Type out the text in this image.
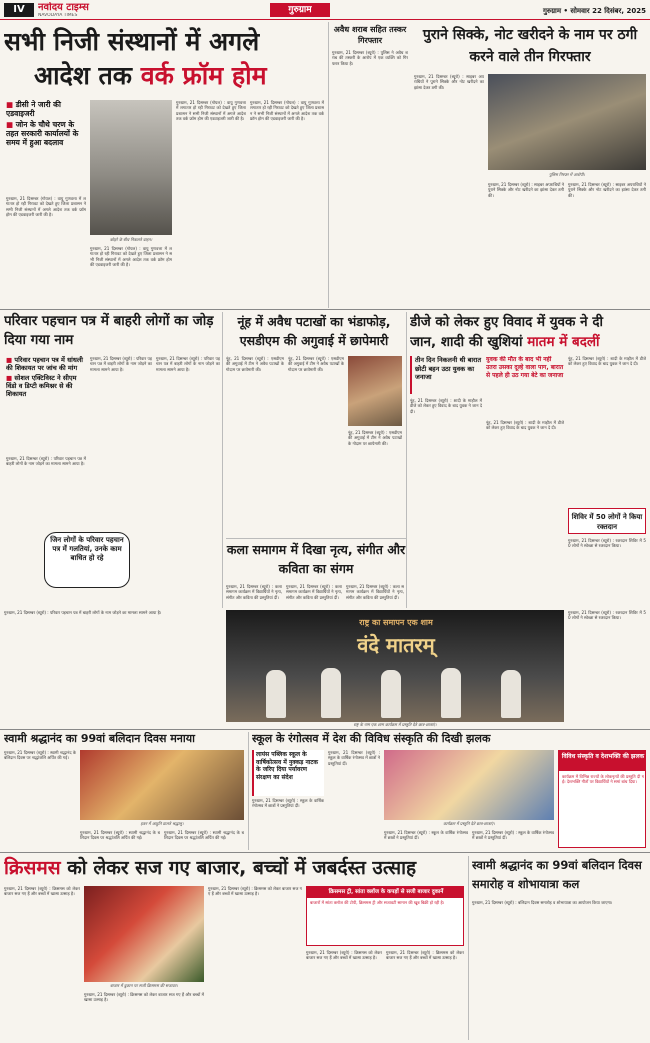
IV	नवोदय टाइम्स
NAVODAYA TIMES
गुरुग्राम	गुरुग्राम • सोमवार 22 दिसंबर, 2025
सभी निजी संस्थानों में अगले
आदेश तक वर्क फ्रॉम होम
■ डीसी ने जारी की एडवाइजरी
■ जोन के चौथे चरण के तहत सरकारी कार्यालयों के समय में हुआ बदलाव
गुरुग्राम, 21 दिसम्बर (गोयल) : वायु गुणवत्ता में लगातार हो रही गिरावट को देखते हुए जिला प्रशासन ने सभी निजी संस्थानों में अगले आदेश तक वर्क फ्रॉम होम की एडवाइजरी जारी की है।
कोहरे के बीच निकलते वाहन।
गुरुग्राम, 21 दिसम्बर (गोयल) : वायु गुणवत्ता में लगातार हो रही गिरावट को देखते हुए जिला प्रशासन ने सभी निजी संस्थानों में अगले आदेश तक वर्क फ्रॉम होम की एडवाइजरी जारी की है।
गुरुग्राम, 21 दिसम्बर (गोयल) : वायु गुणवत्ता में लगातार हो रही गिरावट को देखते हुए जिला प्रशासन ने सभी निजी संस्थानों में अगले आदेश तक वर्क फ्रॉम होम की एडवाइजरी जारी की है।
गुरुग्राम, 21 दिसम्बर (गोयल) : वायु गुणवत्ता में लगातार हो रही गिरावट को देखते हुए जिला प्रशासन ने सभी निजी संस्थानों में अगले आदेश तक वर्क फ्रॉम होम की एडवाइजरी जारी की है।
अवैध शराब सहित तस्कर गिरफ्तार
गुरुग्राम, 21 दिसम्बर (ब्यूरो) : पुलिस ने अवैध शराब की तस्करी के आरोप में एक व्यक्ति को गिरफ्तार किया है।
पुराने सिक्के, नोट खरीदने के नाम पर ठगी करने वाले तीन गिरफ्तार
गुरुग्राम, 21 दिसम्बर (ब्यूरो) : साइबर अपराधियों ने पुराने सिक्के और नोट खरीदने का झांसा देकर ठगी की।
पुलिस गिरफ्त में आरोपी।
गुरुग्राम, 21 दिसम्बर (ब्यूरो) : साइबर अपराधियों ने पुराने सिक्के और नोट खरीदने का झांसा देकर ठगी की।
गुरुग्राम, 21 दिसम्बर (ब्यूरो) : साइबर अपराधियों ने पुराने सिक्के और नोट खरीदने का झांसा देकर ठगी की।
परिवार पहचान पत्र में बाहरी लोगों का जोड़ दिया गया नाम
■ परिवार पहचान पत्र में धांधली की शिकायत पर जांच की मांग
■ सोशल एक्टिविस्ट ने सीएम विंडो व डिप्टी कमिश्नर से की शिकायत
गुरुग्राम, 21 दिसम्बर (ब्यूरो) : परिवार पहचान पत्र में बाहरी लोगों के नाम जोड़ने का मामला सामने आया है।
गुरुग्राम, 21 दिसम्बर (ब्यूरो) : परिवार पहचान पत्र में बाहरी लोगों के नाम जोड़ने का मामला सामने आया है।
गुरुग्राम, 21 दिसम्बर (ब्यूरो) : परिवार पहचान पत्र में बाहरी लोगों के नाम जोड़ने का मामला सामने आया है।
जिन लोगों के परिवार पहचान पत्र में गलतियां, उनके काम बाधित हो रहे
नूंह में अवैध पटाखों का भंडाफोड़, एसडीएम की अगुवाई में छापेमारी
नूंह, 21 दिसम्बर (ब्यूरो) : एसडीएम की अगुवाई में टीम ने अवैध पटाखों के गोदाम पर छापेमारी की।
नूंह, 21 दिसम्बर (ब्यूरो) : एसडीएम की अगुवाई में टीम ने अवैध पटाखों के गोदाम पर छापेमारी की।
नूंह, 21 दिसम्बर (ब्यूरो) : एसडीएम की अगुवाई में टीम ने अवैध पटाखों के गोदाम पर छापेमारी की।
डीजे को लेकर हुए विवाद में युवक ने दी
जान, शादी की खुशियां मातम में बदलीं
तीन दिन निकलनी थी बारात छोटी बहन उठा युवक का जनाजा
नूंह, 21 दिसम्बर (ब्यूरो) : शादी के माहौल में डीजे को लेकर हुए विवाद के बाद युवक ने जान दे दी।
युवक की मौत के बाद भी नहीं उतरा उसका दूल्हे वाला पाग, बारात से पहले ही उठ गया बेटे का जनाजा
नूंह, 21 दिसम्बर (ब्यूरो) : शादी के माहौल में डीजे को लेकर हुए विवाद के बाद युवक ने जान दे दी।
नूंह, 21 दिसम्बर (ब्यूरो) : शादी के माहौल में डीजे को लेकर हुए विवाद के बाद युवक ने जान दे दी।
कला समागम में दिखा नृत्य, संगीत और कविता का संगम
गुरुग्राम, 21 दिसम्बर (ब्यूरो) : कला समागम कार्यक्रम में विद्यार्थियों ने नृत्य, संगीत और कविता की प्रस्तुतियां दीं।
गुरुग्राम, 21 दिसम्बर (ब्यूरो) : कला समागम कार्यक्रम में विद्यार्थियों ने नृत्य, संगीत और कविता की प्रस्तुतियां दीं।
गुरुग्राम, 21 दिसम्बर (ब्यूरो) : कला समागम कार्यक्रम में विद्यार्थियों ने नृत्य, संगीत और कविता की प्रस्तुतियां दीं।
शिविर में 50 लोगों ने किया रक्तदान
गुरुग्राम, 21 दिसम्बर (ब्यूरो) : रक्तदान शिविर में 50 लोगों ने स्वेच्छा से रक्तदान किया।
राष्ट्र का समापन एक शाम
वंदे मातरम्
राष्ट्र के नाम एक शाम कार्यक्रम में प्रस्तुति देते छात्र-छात्राएं।
गुरुग्राम, 21 दिसम्बर (ब्यूरो) : परिवार पहचान पत्र में बाहरी लोगों के नाम जोड़ने का मामला सामने आया है।	गुरुग्राम, 21 दिसम्बर (ब्यूरो) : रक्तदान शिविर में 50 लोगों ने स्वेच्छा से रक्तदान किया।
स्वामी श्रद्धानंद का 99वां बलिदान दिवस मनाया
गुरुग्राम, 21 दिसम्बर (ब्यूरो) : स्वामी श्रद्धानंद के बलिदान दिवस पर श्रद्धांजलि अर्पित की गई।
हवन में आहुति डालते श्रद्धालु।
गुरुग्राम, 21 दिसम्बर (ब्यूरो) : स्वामी श्रद्धानंद के बलिदान दिवस पर श्रद्धांजलि अर्पित की गई।
गुरुग्राम, 21 दिसम्बर (ब्यूरो) : स्वामी श्रद्धानंद के बलिदान दिवस पर श्रद्धांजलि अर्पित की गई।
स्कूल के रंगोत्सव में देश की विविध संस्कृति की दिखी झलक
लायंस पब्लिक स्कूल के वार्षिकोत्सव में नुक्कड़ नाटक के जरिए दिया पर्यावरण संरक्षण का संदेश
गुरुग्राम, 21 दिसम्बर (ब्यूरो) : स्कूल के वार्षिक रंगोत्सव में छात्रों ने प्रस्तुतियां दीं।
गुरुग्राम, 21 दिसम्बर (ब्यूरो) : स्कूल के वार्षिक रंगोत्सव में छात्रों ने प्रस्तुतियां दीं।
कार्यक्रम में प्रस्तुति देते छात्र-छात्राएं।
गुरुग्राम, 21 दिसम्बर (ब्यूरो) : स्कूल के वार्षिक रंगोत्सव में छात्रों ने प्रस्तुतियां दीं।
गुरुग्राम, 21 दिसम्बर (ब्यूरो) : स्कूल के वार्षिक रंगोत्सव में छात्रों ने प्रस्तुतियां दीं।
विविध संस्कृति व देशभक्ति की झलक
कार्यक्रम में विभिन्न राज्यों के लोकनृत्यों की प्रस्तुति दी गई। देशभक्ति गीतों पर विद्यार्थियों ने समां बांध दिया।
क्रिसमस को लेकर सज गए बाजार, बच्चों में जबर्दस्त उत्साह
गुरुग्राम, 21 दिसम्बर (ब्यूरो) : क्रिसमस को लेकर बाजार सज गए हैं और बच्चों में खासा उत्साह है।
बाजार में दुकान पर सजी क्रिसमस की सजावट।
गुरुग्राम, 21 दिसम्बर (ब्यूरो) : क्रिसमस को लेकर बाजार सज गए हैं और बच्चों में खासा उत्साह है।
गुरुग्राम, 21 दिसम्बर (ब्यूरो) : क्रिसमस को लेकर बाजार सज गए हैं और बच्चों में खासा उत्साह है।	क्रिसमस ट्री, सांता क्लॉज के कपड़ों से सजी बाजार दुकानें
बाजारों में सांता क्लॉज की टोपी, क्रिसमस ट्री और सजावटी सामान की खूब बिक्री हो रही है।
गुरुग्राम, 21 दिसम्बर (ब्यूरो) : क्रिसमस को लेकर बाजार सज गए हैं और बच्चों में खासा उत्साह है।
गुरुग्राम, 21 दिसम्बर (ब्यूरो) : क्रिसमस को लेकर बाजार सज गए हैं और बच्चों में खासा उत्साह है।
स्वामी श्रद्धानंद का 99वां बलिदान दिवस समारोह व शोभायात्रा कल
गुरुग्राम, 21 दिसम्बर (ब्यूरो) : बलिदान दिवस समारोह व शोभायात्रा का आयोजन किया जाएगा।
